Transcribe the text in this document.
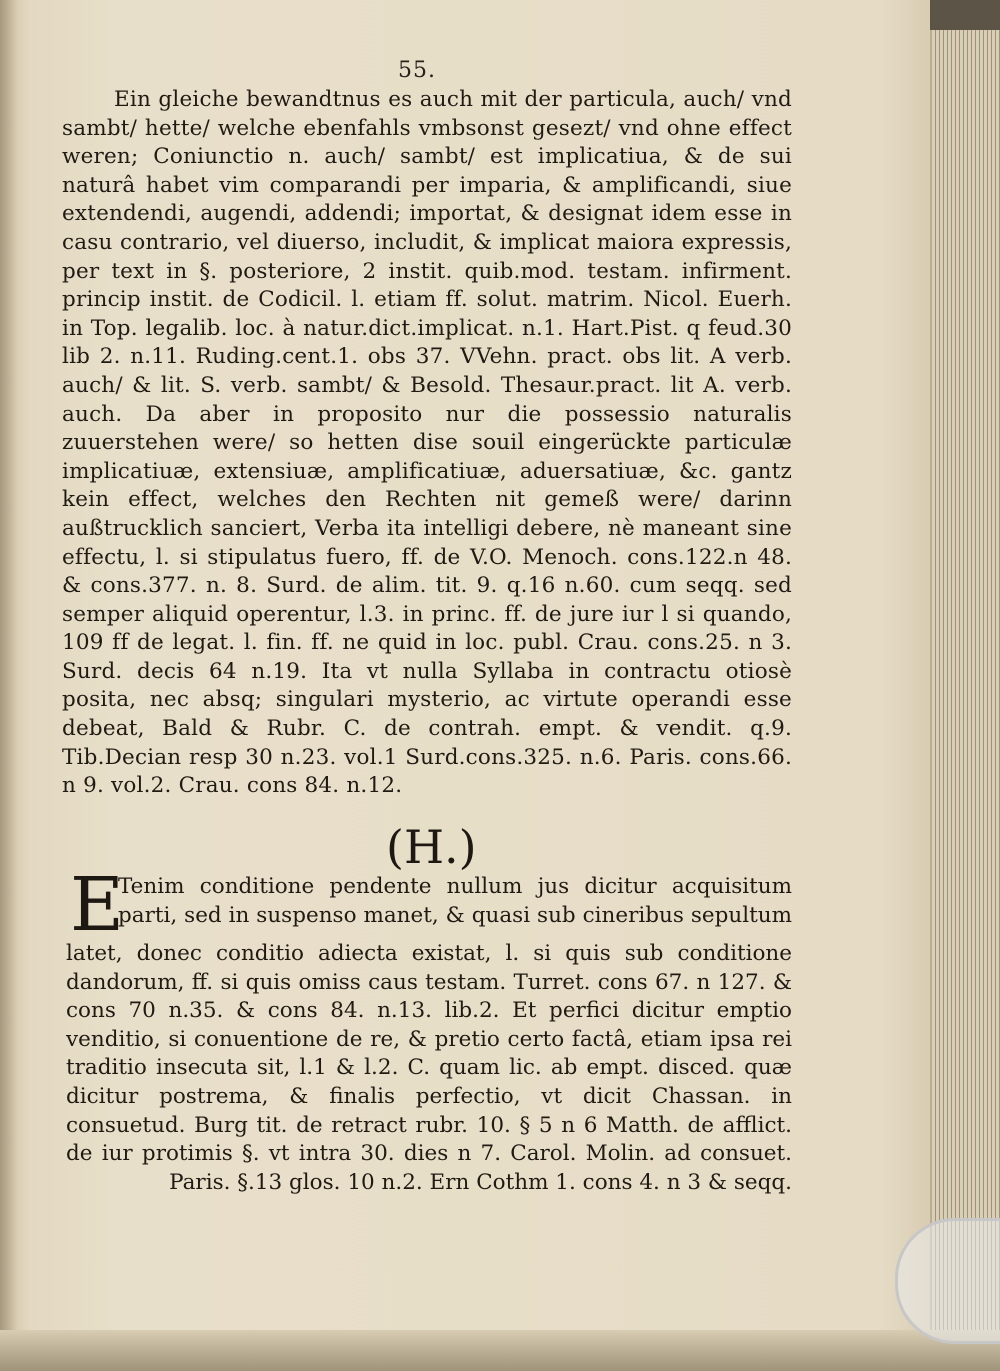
55.
Ein gleiche bewandtnus es auch mit der particula, auch/ vnd sambt/ hette/ welche ebenfahls vmbsonst gesezt/ vnd ohne effect weren; Coniunctio n. auch/ sambt/ est implicatiua, & de sui naturâ habet vim comparandi per imparia, & amplificandi, siue extendendi, augendi, addendi; importat, & designat idem esse in casu contrario, vel diuerso, includit, & implicat maiora expressis, per text in §. posteriore, 2 instit. quib.mod. testam. infirment. princip instit. de Codicil. l. etiam ff. solut. matrim. Nicol. Euerh. in Top. legalib. loc. à natur.dict.implicat. n.1. Hart.Pist. q feud.30 lib 2. n.11. Ruding.cent.1. obs 37. VVehn. pract. obs lit. A verb. auch/ & lit. S. verb. sambt/ & Besold. Thesaur.pract. lit A. verb. auch. Da aber in proposito nur die possessio naturalis zuuerstehen were/ so hetten dise souil eingerückte particulæ implicatiuæ, extensiuæ, amplificatiuæ, aduersatiuæ, &c. gantz kein effect, welches den Rechten nit gemeß were/ darinn außtrucklich sanciert, Verba ita intelligi debere, nè maneant sine effectu, l. si stipulatus fuero, ff. de V.O. Menoch. cons.122.n 48. & cons.377. n. 8. Surd. de alim. tit. 9. q.16 n.60. cum seqq. sed semper aliquid operentur, l.3. in princ. ff. de jure iur l si quando, 109 ff de legat. l. fin. ff. ne quid in loc. publ. Crau. cons.25. n 3. Surd. decis 64 n.19. Ita vt nulla Syllaba in contractu otiosè posita, nec absq; singulari mysterio, ac virtute operandi esse debeat, Bald & Rubr. C. de contrah. empt. & vendit. q.9. Tib.Decian resp 30 n.23. vol.1 Surd.cons.325. n.6. Paris. cons.66. n 9. vol.2. Crau. cons 84. n.12.
(H.)
E
Tenim conditione pendente nullum jus dicitur acquisitum
parti, sed in suspenso manet, & quasi sub cineribus sepultum
latet, donec conditio adiecta existat, l. si quis sub conditione dandorum, ff. si quis omiss caus testam. Turret. cons 67. n 127. & cons 70 n.35. & cons 84. n.13. lib.2. Et perfici dicitur emptio venditio, si conuentione de re, & pretio certo factâ, etiam ipsa rei traditio insecuta sit, l.1 & l.2. C. quam lic. ab empt. disced. quæ dicitur postrema, & finalis perfectio, vt dicit Chassan. in consuetud. Burg tit. de retract rubr. 10. § 5 n 6 Matth. de afflict. de iur protimis §. vt intra 30. dies n 7. Carol. Molin. ad consuet. Paris. §.13 glos. 10 n.2. Ern Cothm 1. cons 4. n 3 & seqq.
